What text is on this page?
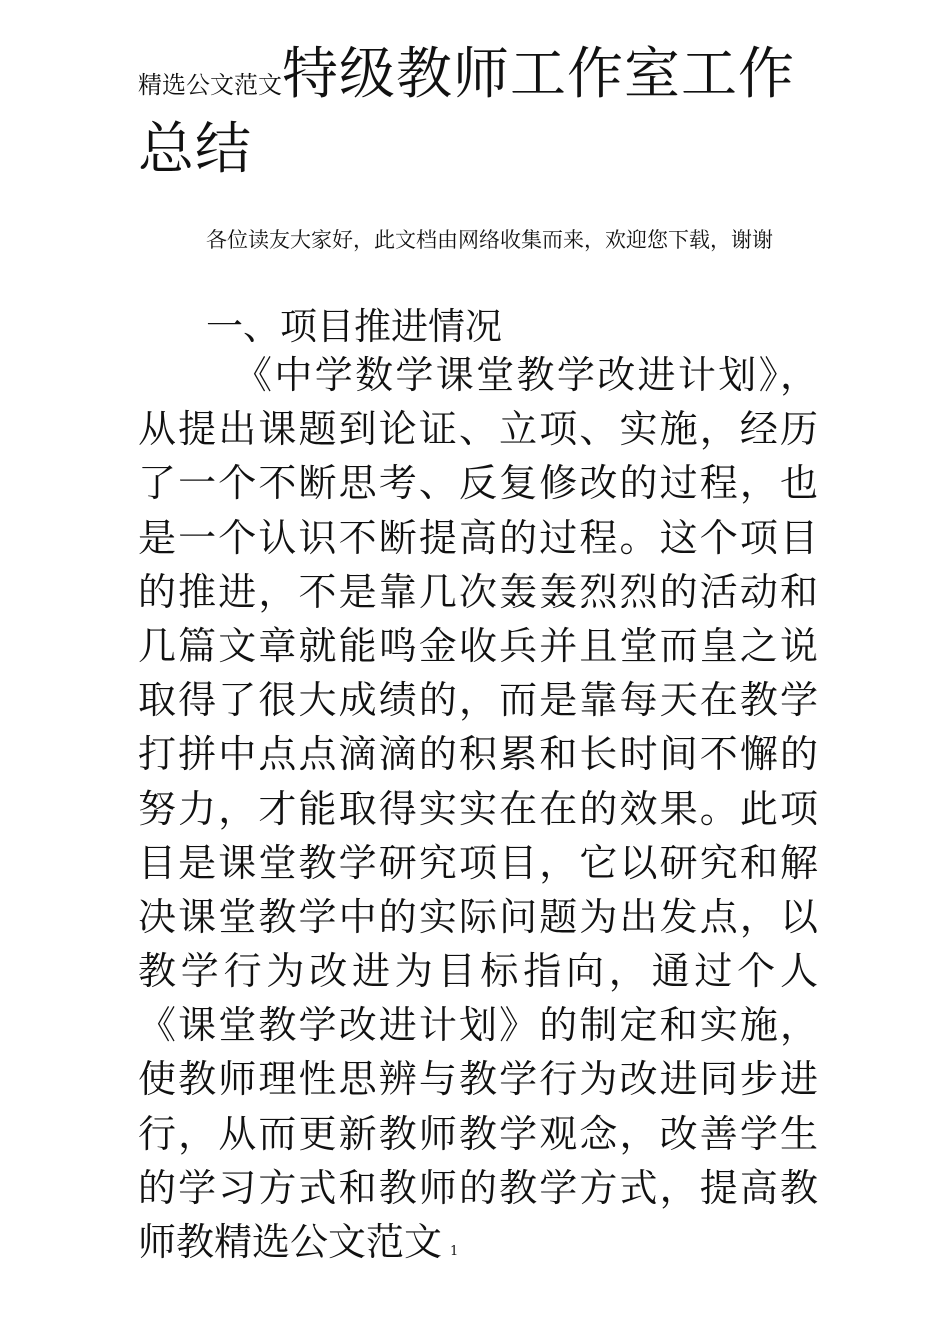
精选公文范文特级教师工作室工作
总结
各位读友大家好，此文档由网络收集而来，欢迎您下载，谢谢
一、项目推进情况
《中学数学课堂教学改进计划》，
从提出课题到论证、立项、实施，经历
了一个不断思考、反复修改的过程，也
是一个认识不断提高的过程。这个项目
的推进，不是靠几次轰轰烈烈的活动和
几篇文章就能鸣金收兵并且堂而皇之说
取得了很大成绩的，而是靠每天在教学
打拼中点点滴滴的积累和长时间不懈的
努力，才能取得实实在在的效果。此项
目是课堂教学研究项目，它以研究和解
决课堂教学中的实际问题为出发点，以
教学行为改进为目标指向，通过个人
《课堂教学改进计划》的制定和实施，
使教师理性思辨与教学行为改进同步进
行，从而更新教师教学观念，改善学生
的学习方式和教师的教学方式，提高教
师教精选公文范文 1
